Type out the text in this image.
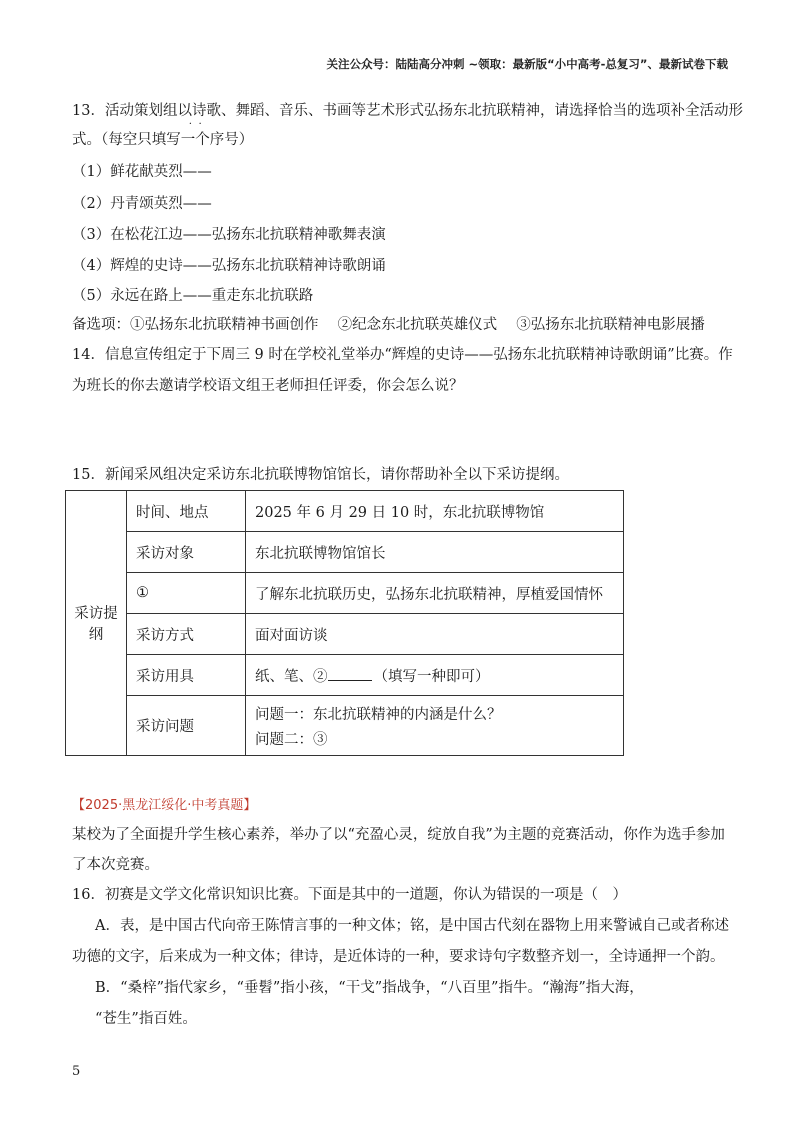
关注公众号：陆陆高分冲刺 ~领取：最新版“小中高考-总复习”、最新试卷下载
13．活动策划组以诗歌、舞蹈、音乐、书画等艺术形式弘扬东北抗联精神，请选择恰当的选项补全活动形
式。（每空只填写
˙ ˙
一个序号）
（1）鲜花献英烈——
（2）丹青颂英烈——
（3）在松花江边——弘扬东北抗联精神歌舞表演
（4）辉煌的史诗——弘扬东北抗联精神诗歌朗诵
（5）永远在路上——重走东北抗联路
备选项：①弘扬东北抗联精神书画创作　 ②纪念东北抗联英雄仪式　 ③弘扬东北抗联精神电影展播
14．信息宣传组定于下周三 9 时在学校礼堂举办“辉煌的史诗——弘扬东北抗联精神诗歌朗诵”比赛。作
为班长的你去邀请学校语文组王老师担任评委，你会怎么说？
15．新闻采风组决定采访东北抗联博物馆馆长，请你帮助补全以下采访提纲。
采访提纲	时间、地点	2025 年 6 月 29 日 10 时，东北抗联博物馆
	采访对象	东北抗联博物馆馆长
	①	了解东北抗联历史，弘扬东北抗联精神，厚植爱国情怀
	采访方式	面对面访谈
	采访用具	纸、笔、② （填写一种即可）
	采访问题	问题一：东北抗联精神的内涵是什么？
问题二：③
【2025·黑龙江绥化·中考真题】
某校为了全面提升学生核心素养，举办了以“充盈心灵，绽放自我”为主题的竞赛活动，你作为选手参加
了本次竞赛。
16．初赛是文学文化常识知识比赛。下面是其中的一道题，你认为错误的一项是（　）
A．表，是中国古代向帝王陈情言事的一种文体；铭，是中国古代刻在器物上用来警诫自己或者称述
功德的文字，后来成为一种文体；律诗，是近体诗的一种，要求诗句字数整齐划一，全诗通押一个韵。
B．“桑梓”指代家乡，“垂髫”指小孩，“干戈”指战争，“八百里”指牛。“瀚海”指大海，
“苍生”指百姓。
5
